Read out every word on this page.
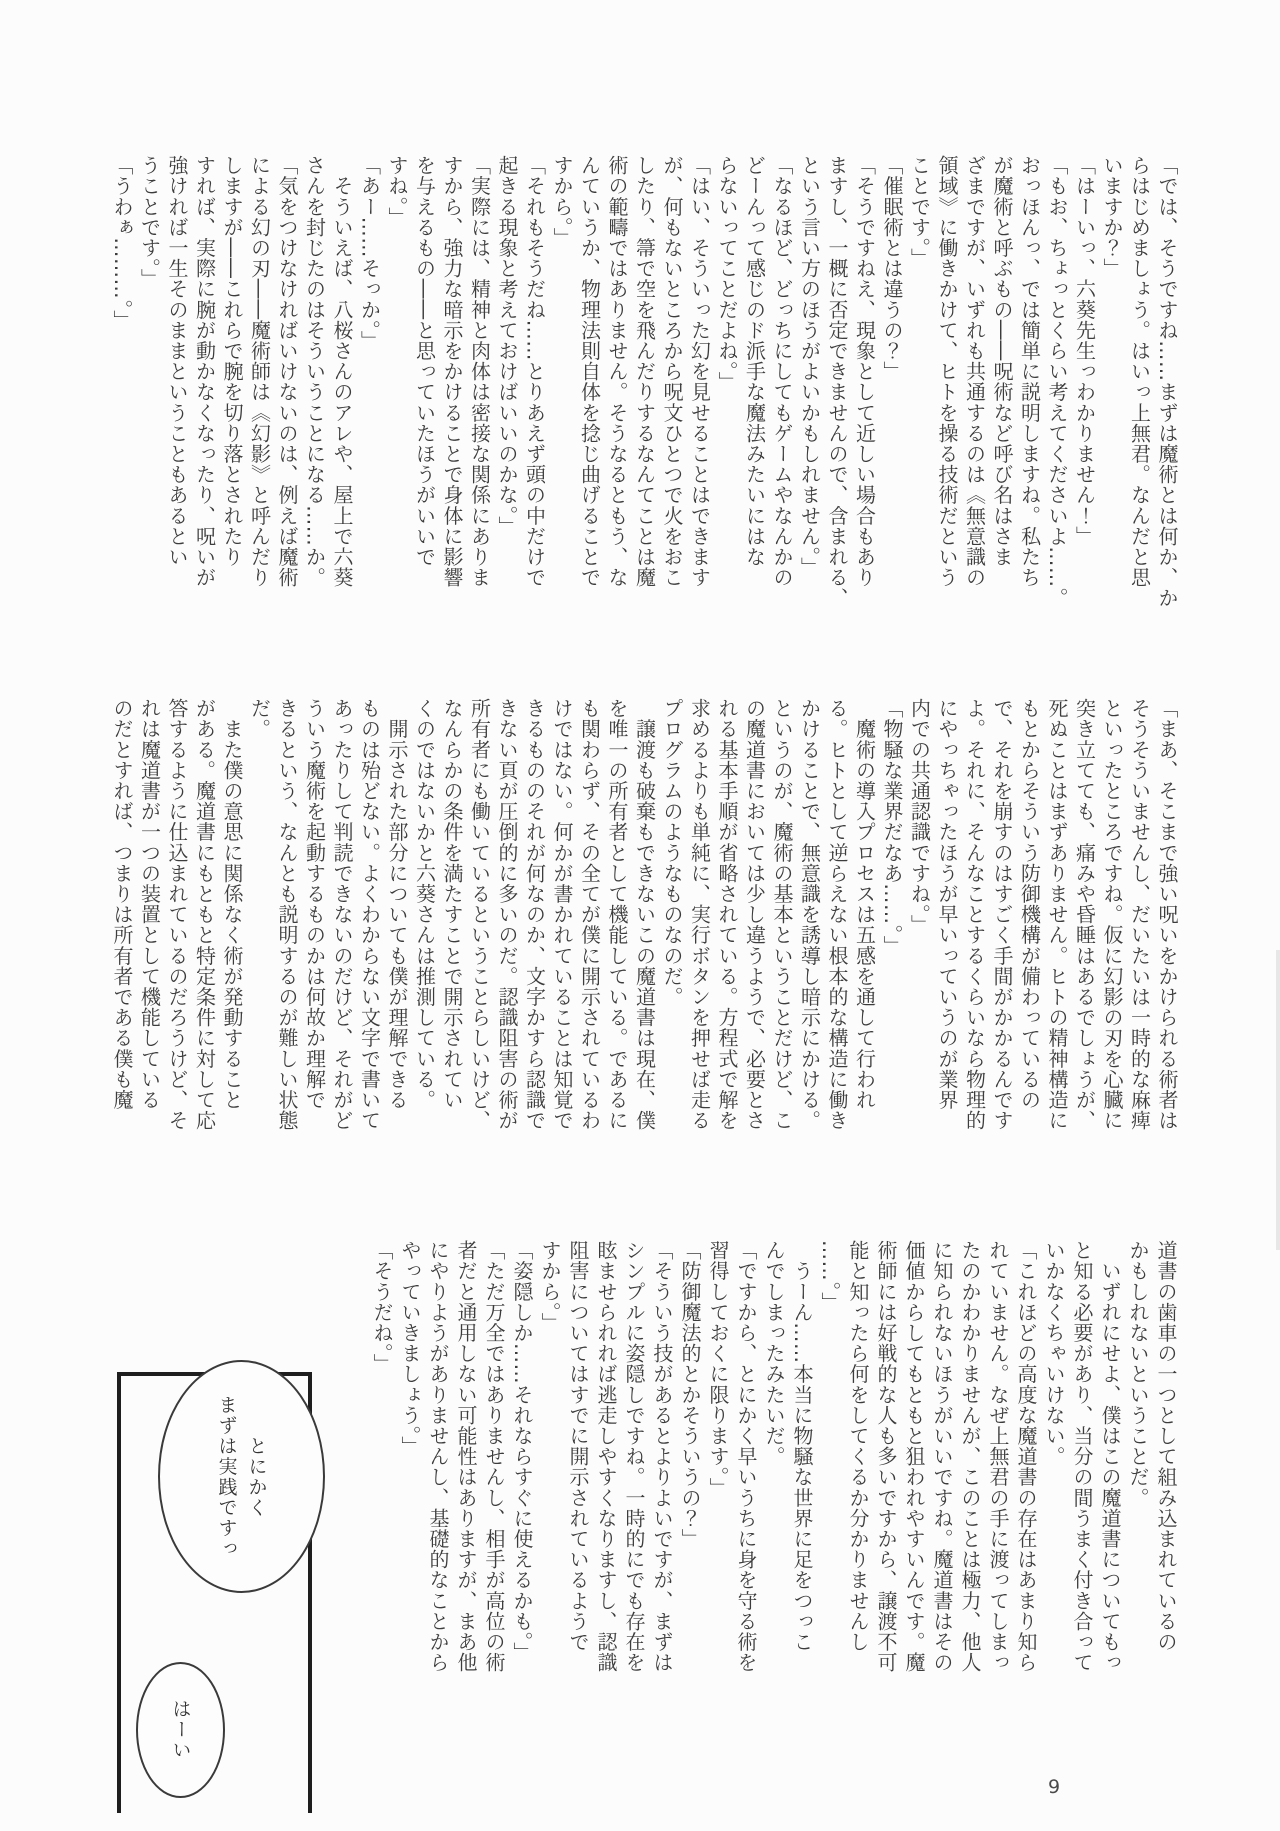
「では、そうですね……まずは魔術とは何か、か
らはじめましょう。はいっ上無君。なんだと思
いますか？」
「はーいっ、六葵先生っわかりません！」
「もお、ちょっとくらい考えてくださいよ……。
おっほんっ、では簡単に説明しますね。私たち
が魔術と呼ぶもの――呪術など呼び名はさま
ざまですが、いずれも共通するのは《無意識の
領域》に働きかけて、ヒトを操る技術だという
ことです。」
「催眠術とは違うの？」
「そうですねえ、現象として近しい場合もあり
ますし、一概に否定できませんので、含まれる、
という言い方のほうがよいかもしれません。」
「なるほど、どっちにしてもゲームやなんかの
どーんって感じのド派手な魔法みたいにはな
らないってことだよね。」
「はい、そういった幻を見せることはできます
が、何もないところから呪文ひとつで火をおこ
したり、箒で空を飛んだりするなんてことは魔
術の範疇ではありません。そうなるともう、な
んていうか、物理法則自体を捻じ曲げることで
すから。」
「それもそうだね……とりあえず頭の中だけで
起きる現象と考えておけばいいのかな。」
「実際には、精神と肉体は密接な関係にありま
すから、強力な暗示をかけることで身体に影響
を与えるもの――と思っていたほうがいいで
すね。」
「あー……そっか。」
　そういえば、八桜さんのアレや、屋上で六葵
さんを封じたのはそういうことになる……か。
「気をつけなければいけないのは、例えば魔術
による幻の刃――魔術師は《幻影》と呼んだり
しますが――これらで腕を切り落とされたり
すれば、実際に腕が動かなくなったり、呪いが
強ければ一生そのままということもあるとい
うことです。」
「うわぁ………。」
「まあ、そこまで強い呪いをかけられる術者は
そうそういませんし、だいたいは一時的な麻痺
といったところですね。仮に幻影の刃を心臓に
突き立てても、痛みや昏睡はあるでしょうが、
死ぬことはまずありません。ヒトの精神構造に
もとからそういう防御機構が備わっているの
で、それを崩すのはすごく手間がかかるんです
よ。それに、そんなことするくらいなら物理的
にやっちゃったほうが早いっていうのが業界
内での共通認識ですね。」
「物騒な業界だなあ……。」
　魔術の導入プロセスは五感を通して行われ
る。ヒトとして逆らえない根本的な構造に働き
かけることで、無意識を誘導し暗示にかける。
というのが、魔術の基本ということだけど、こ
の魔道書においては少し違うようで、必要とさ
れる基本手順が省略されている。方程式で解を
求めるよりも単純に、実行ボタンを押せば走る
プログラムのようなものなのだ。
　譲渡も破棄もできないこの魔道書は現在、僕
を唯一の所有者として機能している。であるに
も関わらず、その全てが僕に開示されているわ
けではない。何かが書かれていることは知覚で
きるもののそれが何なのか、文字かすら認識で
きない頁が圧倒的に多いのだ。認識阻害の術が
所有者にも働いているということらしいけど、
なんらかの条件を満たすことで開示されてい
くのではないかと六葵さんは推測している。
　開示された部分についても僕が理解できる
ものは殆どない。よくわからない文字で書いて
あったりして判読できないのだけど、それがど
ういう魔術を起動するものかは何故か理解で
きるという、なんとも説明するのが難しい状態
だ。
　また僕の意思に関係なく術が発動すること
がある。魔道書にもともと特定条件に対して応
答するように仕込まれているのだろうけど、そ
れは魔道書が一つの装置として機能している
のだとすれば、つまりは所有者である僕も魔
道書の歯車の一つとして組み込まれているの
かもしれないということだ。
　いずれにせよ、僕はこの魔道書についてもっ
と知る必要があり、当分の間うまく付き合って
いかなくちゃいけない。
「これほどの高度な魔道書の存在はあまり知ら
れていません。なぜ上無君の手に渡ってしまっ
たのかわかりませんが、このことは極力、他人
に知られないほうがいいですね。魔道書はその
価値からしてもともと狙われやすいんです。魔
術師には好戦的な人も多いですから、譲渡不可
能と知ったら何をしてくるか分かりませんし
……。」
　うーん……本当に物騒な世界に足をつっこ
んでしまったみたいだ。
「ですから、とにかく早いうちに身を守る術を
習得しておくに限ります。」
「防御魔法的とかそういうの？」
「そういう技があるとよりよいですが、まずは
シンプルに姿隠しですね。一時的にでも存在を
眩ませられれば逃走しやすくなりますし、認識
阻害についてはすでに開示されているようで
すから。」
「姿隠しか……それならすぐに使えるかも。」
「ただ万全ではありませんし、相手が高位の術
者だと通用しない可能性はありますが、まあ他
にやりようがありませんし、基礎的なことから
やっていきましょう。」
「そうだね。」
とにかく
まずは実践ですっ
はーい
9
